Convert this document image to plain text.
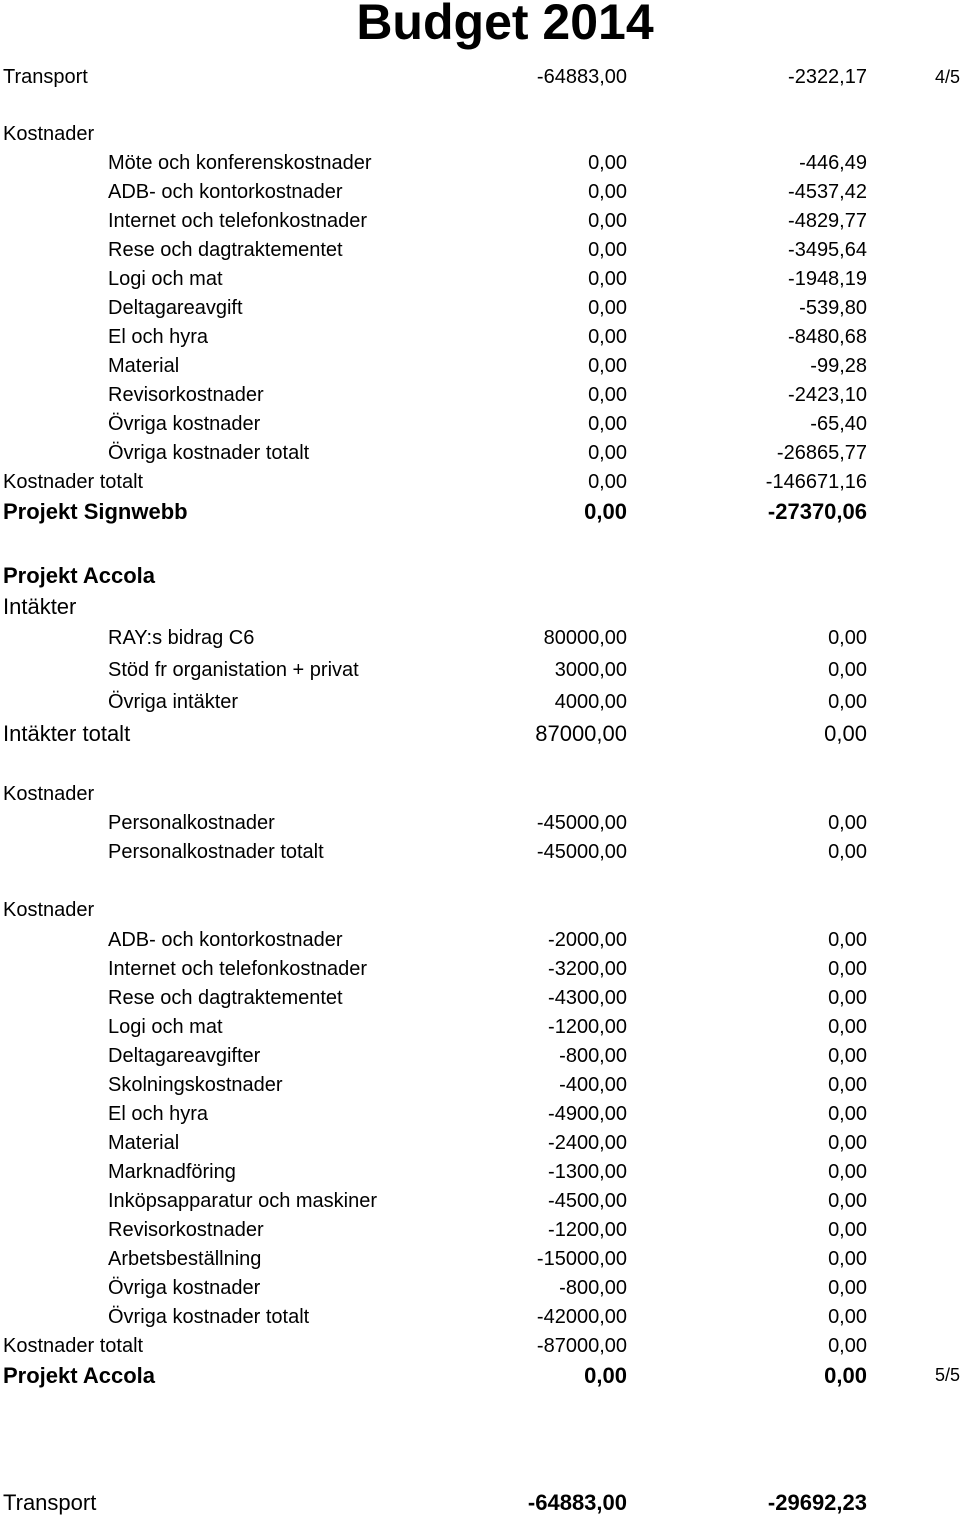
Budget 2014
Transport	-64883,00	-2322,17	4/5
Kostnader
Möte och konferenskostnader	0,00	-446,49
ADB- och kontorkostnader	0,00	-4537,42
Internet och telefonkostnader	0,00	-4829,77
Rese och dagtraktementet	0,00	-3495,64
Logi och mat	0,00	-1948,19
Deltagareavgift	0,00	-539,80
El och hyra	0,00	-8480,68
Material	0,00	-99,28
Revisorkostnader	0,00	-2423,10
Övriga kostnader	0,00	-65,40
Övriga kostnader totalt	0,00	-26865,77
Kostnader totalt	0,00	-146671,16
Projekt Signwebb	0,00	-27370,06
Projekt Accola
Intäkter
RAY:s bidrag C6	80000,00	0,00
Stöd fr organistation + privat	3000,00	0,00
Övriga intäkter	4000,00	0,00
Intäkter totalt	87000,00	0,00
Kostnader
Personalkostnader	-45000,00	0,00
Personalkostnader totalt	-45000,00	0,00
Kostnader
ADB- och kontorkostnader	-2000,00	0,00
Internet och telefonkostnader	-3200,00	0,00
Rese och dagtraktementet	-4300,00	0,00
Logi och mat	-1200,00	0,00
Deltagareavgifter	-800,00	0,00
Skolningskostnader	-400,00	0,00
El och hyra	-4900,00	0,00
Material	-2400,00	0,00
Marknadföring	-1300,00	0,00
Inköpsapparatur och maskiner	-4500,00	0,00
Revisorkostnader	-1200,00	0,00
Arbetsbeställning	-15000,00	0,00
Övriga kostnader	-800,00	0,00
Övriga kostnader totalt	-42000,00	0,00
Kostnader totalt	-87000,00	0,00
Projekt Accola	0,00	0,00	5/5
Transport	-64883,00	-29692,23
